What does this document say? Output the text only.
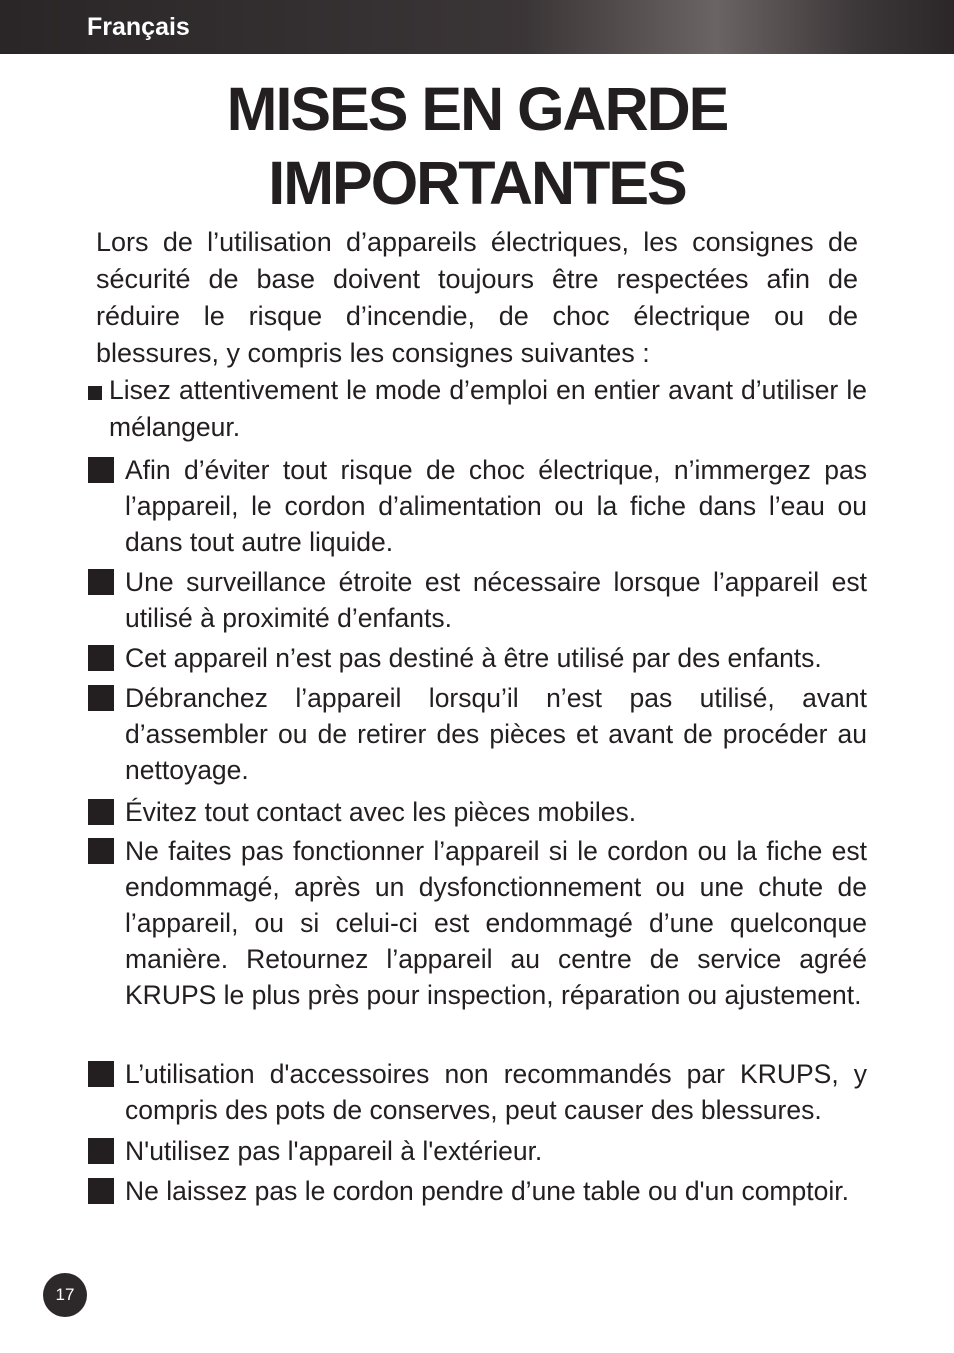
Français
MISES EN GARDE
IMPORTANTES

Lors de l’utilisation d’appareils électriques, les consignes de sécurité de base doivent toujours être respectées afin de réduire le risque d’incendie, de choc électrique ou de blessures, y compris les consignes suivantes :

Lisez attentivement le mode d’emploi en entier avant d’utiliser le mélangeur.

Afin d’éviter tout risque de choc électrique, n’immergez pas l’appareil, le cordon d’alimentation ou la fiche dans l’eau ou dans tout autre liquide.

Une surveillance étroite est nécessaire lorsque l’appareil est utilisé à proximité d’enfants.

Cet appareil n’est pas destiné à être utilisé par des enfants.

Débranchez l’appareil lorsqu’il n’est pas utilisé, avant d’assembler ou de retirer des pièces et avant de procéder au nettoyage.

Évitez tout contact avec les pièces mobiles.

Ne faites pas fonctionner l’appareil si le cordon ou la fiche est endommagé, après un dysfonctionnement ou une chute de l’appareil, ou si celui-ci est endommagé d’une quelconque manière. Retournez l’appareil au centre de service agréé KRUPS le plus près pour inspection, réparation ou ajustement.

L’utilisation d'accessoires non recommandés par KRUPS, y compris des pots de conserves, peut causer des blessures.

N'utilisez pas l'appareil à l'extérieur.

Ne laissez pas le cordon pendre d’une table ou d'un comptoir.

17
